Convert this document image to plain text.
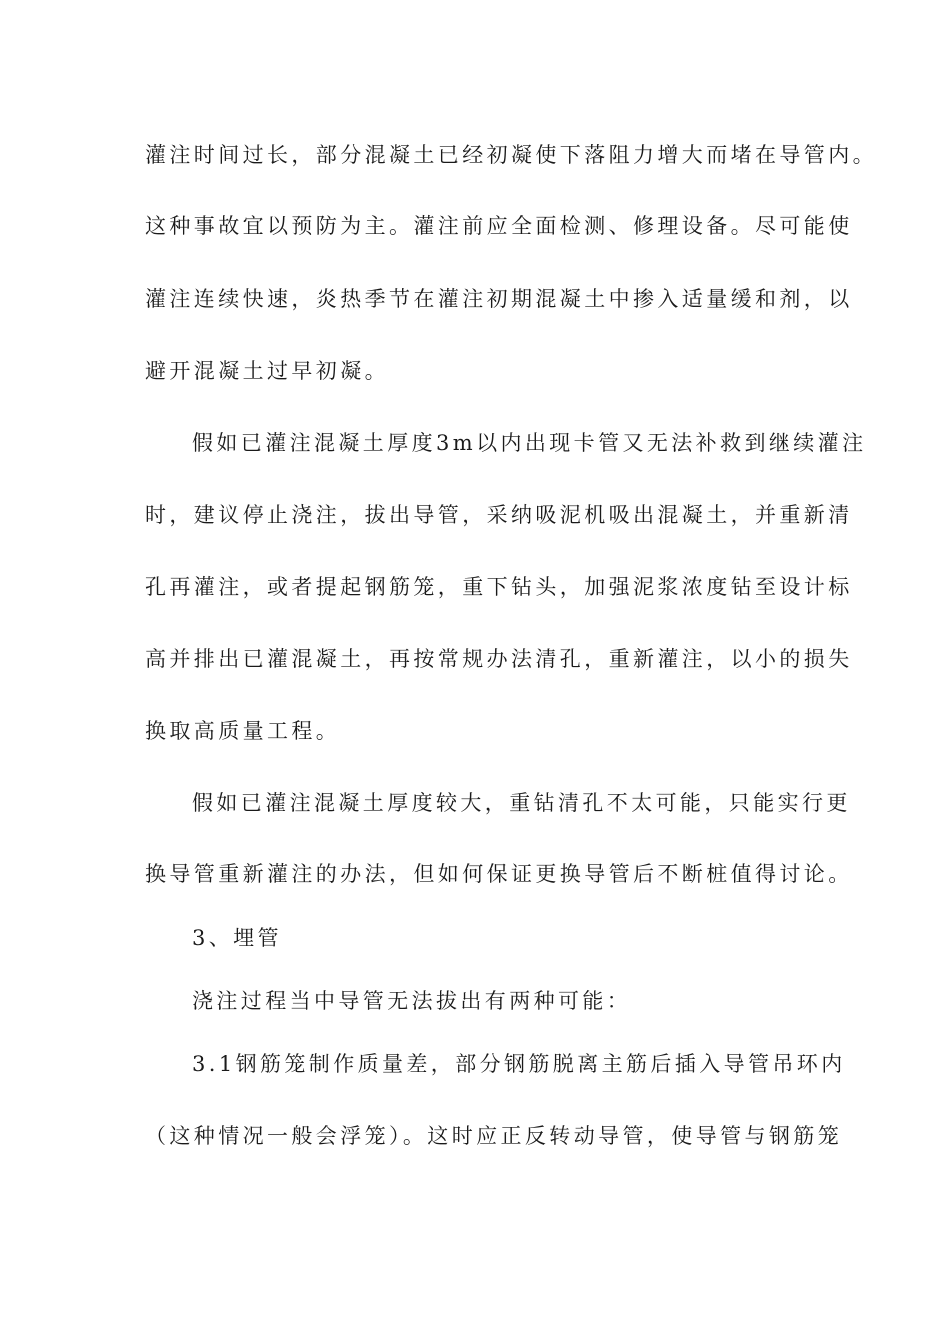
灌注时间过长，部分混凝土已经初凝使下落阻力增大而堵在导管内。
这种事故宜以预防为主。灌注前应全面检测、修理设备。尽可能使
灌注连续快速，炎热季节在灌注初期混凝土中掺入适量缓和剂，以
避开混凝土过早初凝。
假如已灌注混凝土厚度3m以内出现卡管又无法补救到继续灌注
时，建议停止浇注，拔出导管，采纳吸泥机吸出混凝土，并重新清
孔再灌注，或者提起钢筋笼，重下钻头，加强泥浆浓度钻至设计标
高并排出已灌混凝土，再按常规办法清孔，重新灌注，以小的损失
换取高质量工程。
假如已灌注混凝土厚度较大，重钻清孔不太可能，只能实行更
换导管重新灌注的办法，但如何保证更换导管后不断桩值得讨论。
3、埋管
浇注过程当中导管无法拔出有两种可能：
3.1钢筋笼制作质量差，部分钢筋脱离主筋后插入导管吊环内
（这种情况一般会浮笼）。这时应正反转动导管，使导管与钢筋笼
